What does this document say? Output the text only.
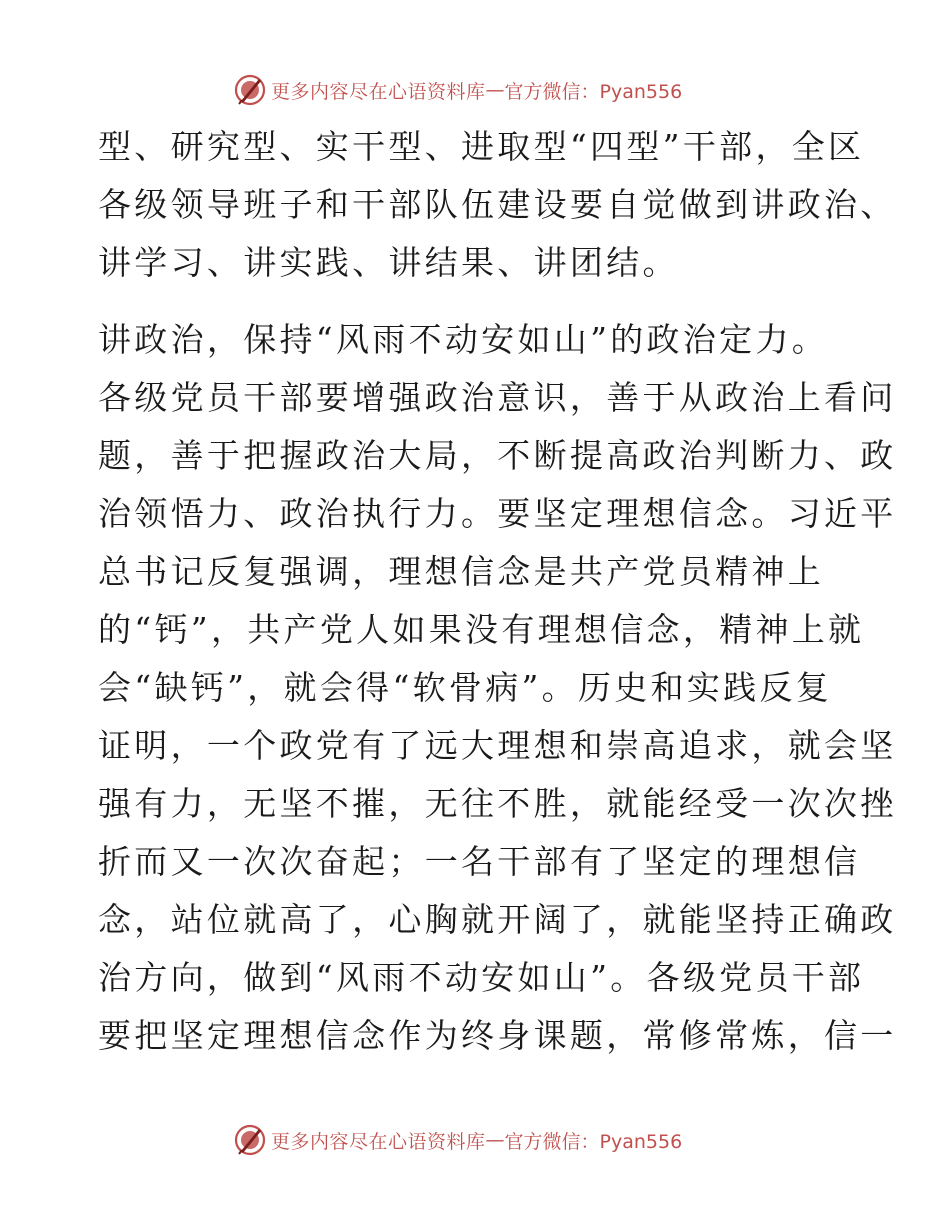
更多内容尽在心语资料库 — 官方微信：Pyan556
型、研究型、实干型、进取型“四型”干部，全区
各级领导班子和干部队伍建设要自觉做到讲政治、
讲学习、讲实践、讲结果、讲团结。
讲政治，保持“风雨不动安如山”的政治定力。
各级党员干部要增强政治意识，善于从政治上看问
题，善于把握政治大局，不断提高政治判断力、政
治领悟力、政治执行力。要坚定理想信念。习近平
总书记反复强调，理想信念是共产党员精神上
的“钙”，共产党人如果没有理想信念，精神上就
会“缺钙”，就会得“软骨病”。历史和实践反复
证明，一个政党有了远大理想和崇高追求，就会坚
强有力，无坚不摧，无往不胜，就能经受一次次挫
折而又一次次奋起；一名干部有了坚定的理想信
念，站位就高了，心胸就开阔了，就能坚持正确政
治方向，做到“风雨不动安如山”。各级党员干部
要把坚定理想信念作为终身课题，常修常炼，信一
更多内容尽在心语资料库 — 官方微信：Pyan556
